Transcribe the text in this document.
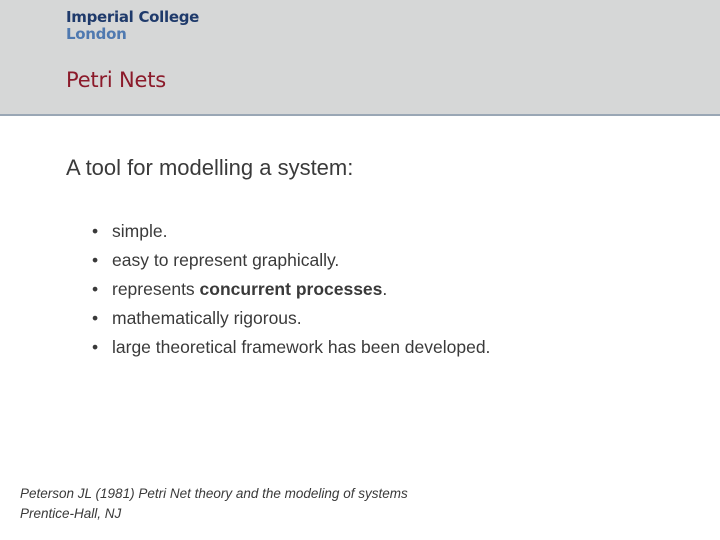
Imperial College
London
Petri Nets
A tool for modelling a system:
• simple.
• easy to represent graphically.
• represents concurrent processes.
• mathematically rigorous.
• large theoretical framework has been developed.
Peterson JL (1981) Petri Net theory and the modeling of systems
Prentice-Hall, NJ
